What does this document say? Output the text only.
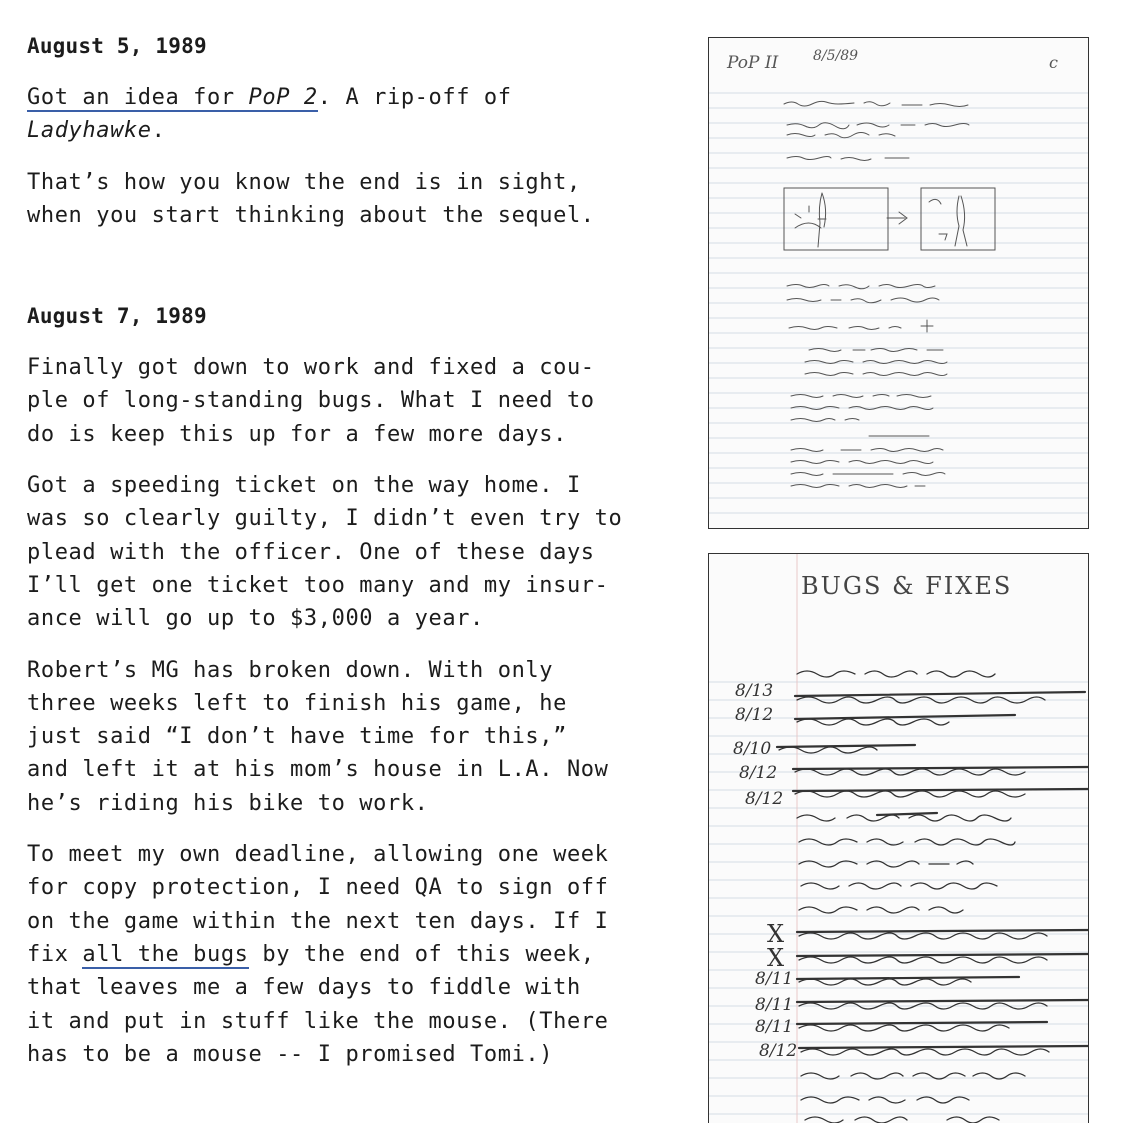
August 5, 1989

Got an idea for PoP 2. A rip-off of
Ladyhawke.

That’s how you know the end is in sight,
when you start thinking about the sequel.

August 7, 1989

Finally got down to work and fixed a cou-
ple of long-standing bugs. What I need to
do is keep this up for a few more days.

Got a speeding ticket on the way home. I
was so clearly guilty, I didn’t even try to
plead with the officer. One of these days
I’ll get one ticket too many and my insur-
ance will go up to $3,000 a year.

Robert’s MG has broken down. With only
three weeks left to finish his game, he
just said “I don’t have time for this,”
and left it at his mom’s house in L.A. Now
he’s riding his bike to work.

To meet my own deadline, allowing one week
for copy protection, I need QA to sign off
on the game within the next ten days. If I
fix all the bugs by the end of this week,
that leaves me a few days to fiddle with
it and put in stuff like the mouse. (There
has to be a mouse -- I promised Tomi.)

PoP II 8/5/89	c
BUGS & FIXES
8/13
8/12
8/10
8/12
8/12
X
X
8/11
8/11
8/11
8/12
